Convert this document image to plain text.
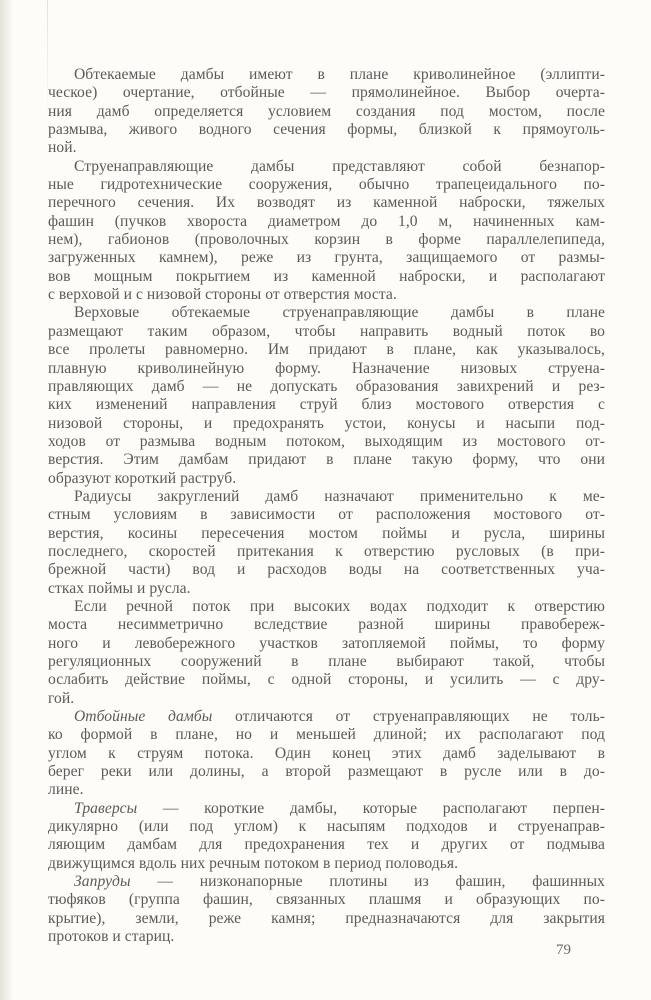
Обтекаемые дамбы имеют в плане криволинейное (эллипти-
ческое) очертание, отбойные — прямолинейное. Выбор очерта-
ния дамб определяется условием создания под мостом, после
размыва, живого водного сечения формы, близкой к прямоуголь-
ной.

Струенаправляющие дамбы представляют собой безнапор-
ные гидротехнические сооружения, обычно трапецеидального по-
перечного сечения. Их возводят из каменной наброски, тяжелых
фашин (пучков хвороста диаметром до 1,0 м, начиненных кам-
нем), габионов (проволочных корзин в форме параллелепипеда,
загруженных камнем), реже из грунта, защищаемого от размы-
вов мощным покрытием из каменной наброски, и располагают
с верховой и с низовой стороны от отверстия моста.

Верховые обтекаемые струенаправляющие дамбы в плане
размещают таким образом, чтобы направить водный поток во
все пролеты равномерно. Им придают в плане, как указывалось,
плавную криволинейную форму. Назначение низовых струена-
правляющих дамб — не допускать образования завихрений и рез-
ких изменений направления струй близ мостового отверстия с
низовой стороны, и предохранять устои, конусы и насыпи под-
ходов от размыва водным потоком, выходящим из мостового от-
верстия. Этим дамбам придают в плане такую форму, что они
образуют короткий раструб.

Радиусы закруглений дамб назначают применительно к ме-
стным условиям в зависимости от расположения мостового от-
верстия, косины пересечения мостом поймы и русла, ширины
последнего, скоростей притекания к отверстию русловых (в при-
брежной части) вод и расходов воды на соответственных уча-
стках поймы и русла.

Если речной поток при высоких водах подходит к отверстию
моста несимметрично вследствие разной ширины правобереж-
ного и левобережного участков затопляемой поймы, то форму
регуляционных сооружений в плане выбирают такой, чтобы
ослабить действие поймы, с одной стороны, и усилить — с дру-
гой.

Отбойные дамбы отличаются от струенаправляющих не толь-
ко формой в плане, но и меньшей длиной; их располагают под
углом к струям потока. Один конец этих дамб заделывают в
берег реки или долины, а второй размещают в русле или в до-
лине.

Траверсы — короткие дамбы, которые располагают перпен-
дикулярно (или под углом) к насыпям подходов и струенаправ-
ляющим дамбам для предохранения тех и других от подмыва
движущимся вдоль них речным потоком в период половодья.

Запруды — низконапорные плотины из фашин, фашинных
тюфяков (группа фашин, связанных плашмя и образующих по-
крытие), земли, реже камня; предназначаются для закрытия
протоков и стариц.

79
